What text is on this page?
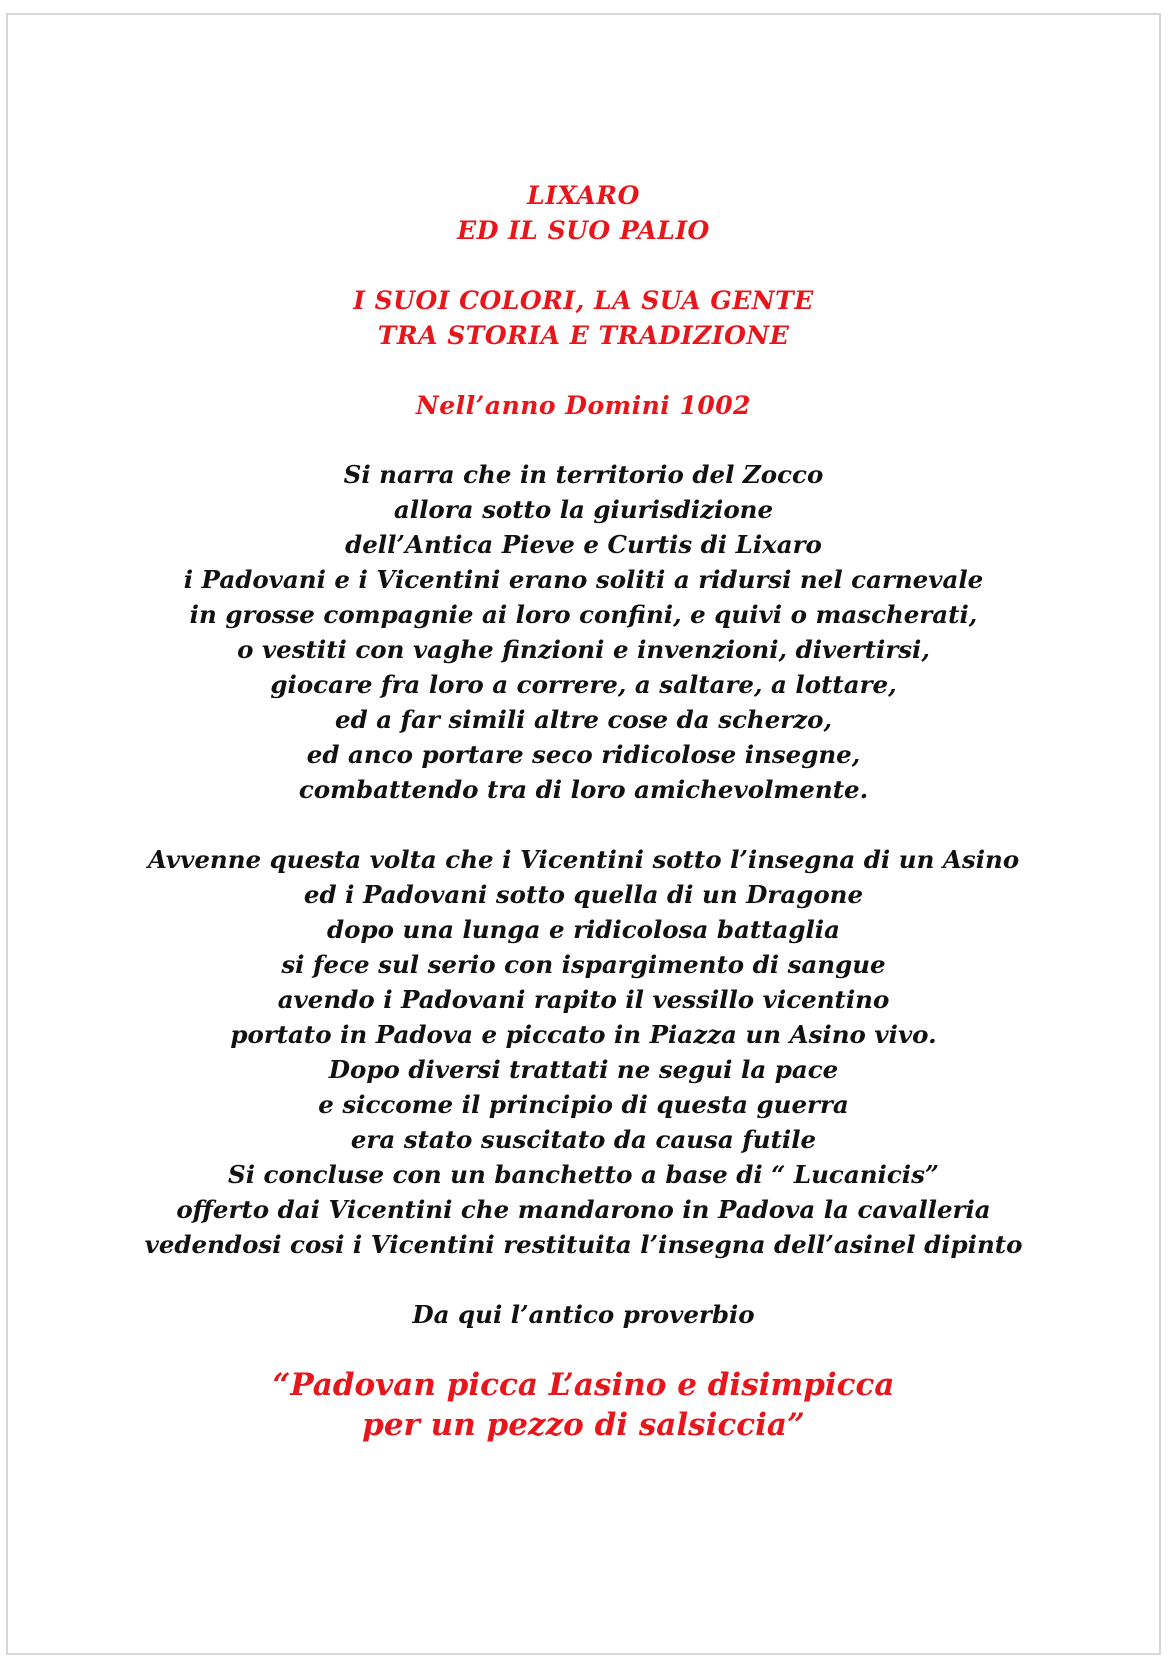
LIXARO
ED IL SUO PALIO
I SUOI COLORI, LA SUA GENTE
TRA STORIA E TRADIZIONE
Nell’anno Domini 1002
Si narra che in territorio del Zocco
allora sotto la giurisdizione
dell’Antica Pieve e Curtis di Lixaro
i Padovani e i Vicentini erano soliti a ridursi nel carnevale
in grosse compagnie ai loro confini, e quivi o mascherati,
o vestiti con vaghe finzioni e invenzioni, divertirsi,
giocare fra loro a correre, a saltare, a lottare,
ed a far simili altre cose da scherzo,
ed anco portare seco ridicolose insegne,
combattendo tra di loro amichevolmente.
Avvenne questa volta che i Vicentini sotto l’insegna di un Asino
ed i Padovani sotto quella di un Dragone
dopo una lunga e ridicolosa battaglia
si fece sul serio con ispargimento di sangue
avendo i Padovani rapito il vessillo vicentino
portato in Padova e piccato in Piazza un Asino vivo.
Dopo diversi trattati ne segui la pace
e siccome il principio di questa guerra
era stato suscitato da causa futile
Si concluse con un banchetto a base di “ Lucanicis”
offerto dai Vicentini che mandarono in Padova la cavalleria
vedendosi cosi i Vicentini restituita l’insegna dell’asinel dipinto
Da qui l’antico proverbio
“Padovan picca L’asino e disimpicca
per un pezzo di salsiccia”
